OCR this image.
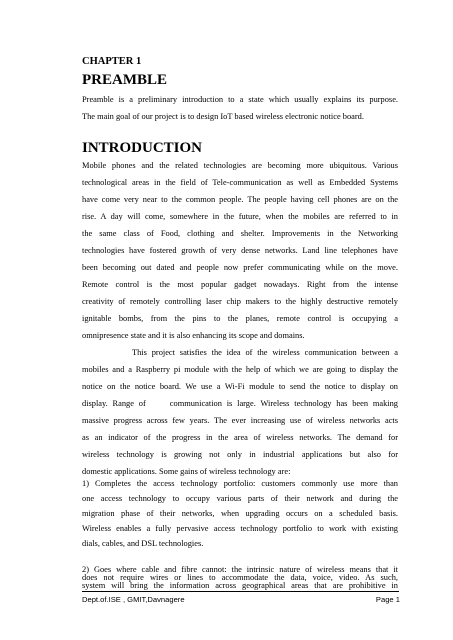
CHAPTER 1

PREAMBLE

Preamble is a preliminary introduction to a state which usually explains its purpose.

The main goal of our project is to design IoT based wireless electronic notice board.

INTRODUCTION

Mobile phones and the related technologies are becoming more ubiquitous. Various

technological areas in the field of Tele-communication as well as Embedded Systems

have come very near to the common people. The people having cell phones are on the

rise. A day will come, somewhere in the future, when the mobiles are referred to in

the same class of Food, clothing and shelter. Improvements in the Networking

technologies have fostered growth of very dense networks. Land line telephones have

been becoming out dated and people now prefer communicating while on the move.

Remote control is the most popular gadget nowadays. Right from the intense

creativity of remotely controlling laser chip makers to the highly destructive remotely

ignitable bombs, from the pins to the planes, remote control is occupying a

omnipresence state and it is also enhancing its scope and domains.

This project satisfies the idea of the wireless communication between a

mobiles and a Raspberry pi module with the help of which we are going to display the

notice on the notice board. We use a Wi-Fi module to send the notice to display on

display. Range of     communication is large. Wireless technology has been making

massive progress across few years. The ever increasing use of wireless networks acts

as an indicator of the progress in the area of wireless networks. The demand for

wireless technology is growing not only in industrial applications but also for

domestic applications. Some gains of wireless technology are:

1) Completes the access technology portfolio: customers commonly use more than

one access technology to occupy various parts of their network and during the

migration phase of their networks, when upgrading occurs on a scheduled basis.

Wireless enables a fully pervasive access technology portfolio to work with existing

dials, cables, and DSL technologies.

2) Goes where cable and fibre cannot: the intrinsic nature of wireless means that it

Dept.of.ISE , GMIT,Davnagere	Page 1

does not require wires or lines to accommodate the data, voice, video. As such,

system will bring the information across geographical areas that are prohibitive in
